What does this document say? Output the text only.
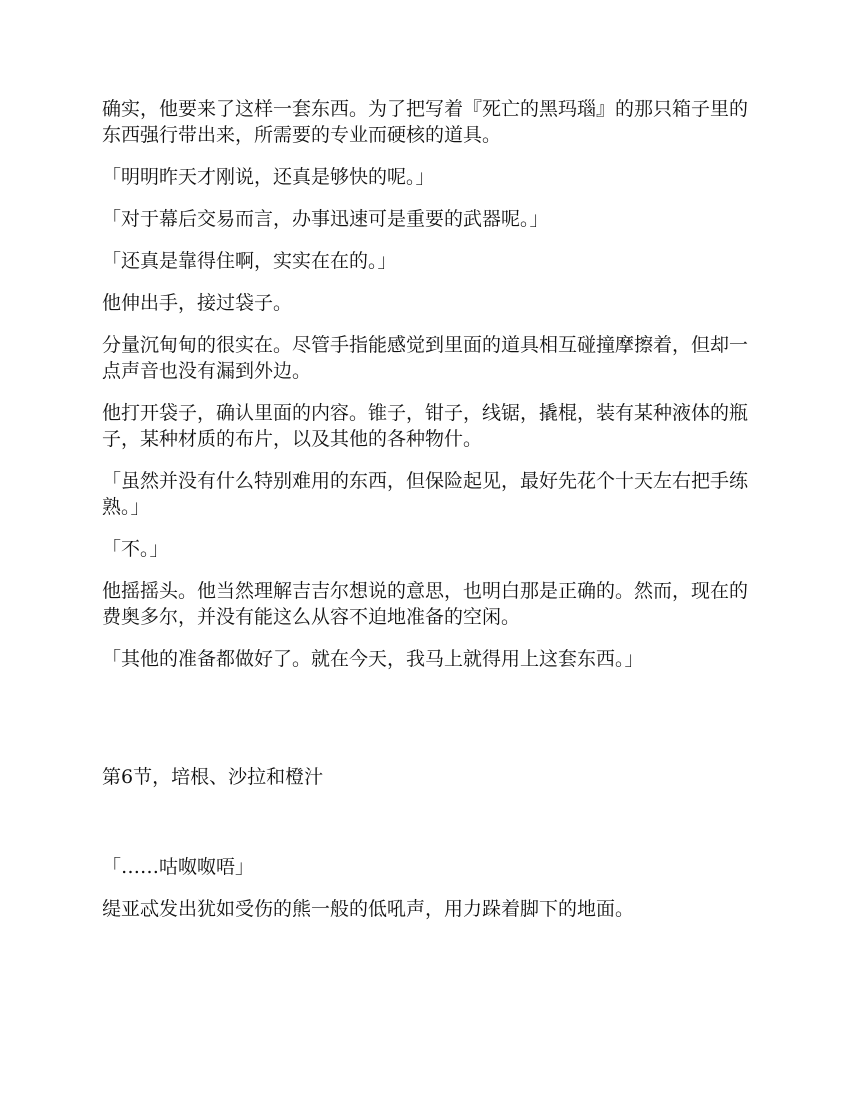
确实，他要来了这样一套东西。为了把写着『死亡的黑玛瑙』的那只箱子里的东西强行带出来，所需要的专业而硬核的道具。

「明明昨天才刚说，还真是够快的呢。」

「对于幕后交易而言，办事迅速可是重要的武器呢。」

「还真是靠得住啊，实实在在的。」

他伸出手，接过袋子。

分量沉甸甸的很实在。尽管手指能感觉到里面的道具相互碰撞摩擦着，但却一点声音也没有漏到外边。

他打开袋子，确认里面的内容。锥子，钳子，线锯，撬棍，装有某种液体的瓶子，某种材质的布片，以及其他的各种物什。

「虽然并没有什么特别难用的东西，但保险起见，最好先花个十天左右把手练熟。」

「不。」

他摇摇头。他当然理解吉吉尔想说的意思，也明白那是正确的。然而，现在的费奥多尔，并没有能这么从容不迫地准备的空闲。

「其他的准备都做好了。就在今天，我马上就得用上这套东西。」

第6节，培根、沙拉和橙汁

「……咕呶呶唔」

缇亚忒发出犹如受伤的熊一般的低吼声，用力跺着脚下的地面。
